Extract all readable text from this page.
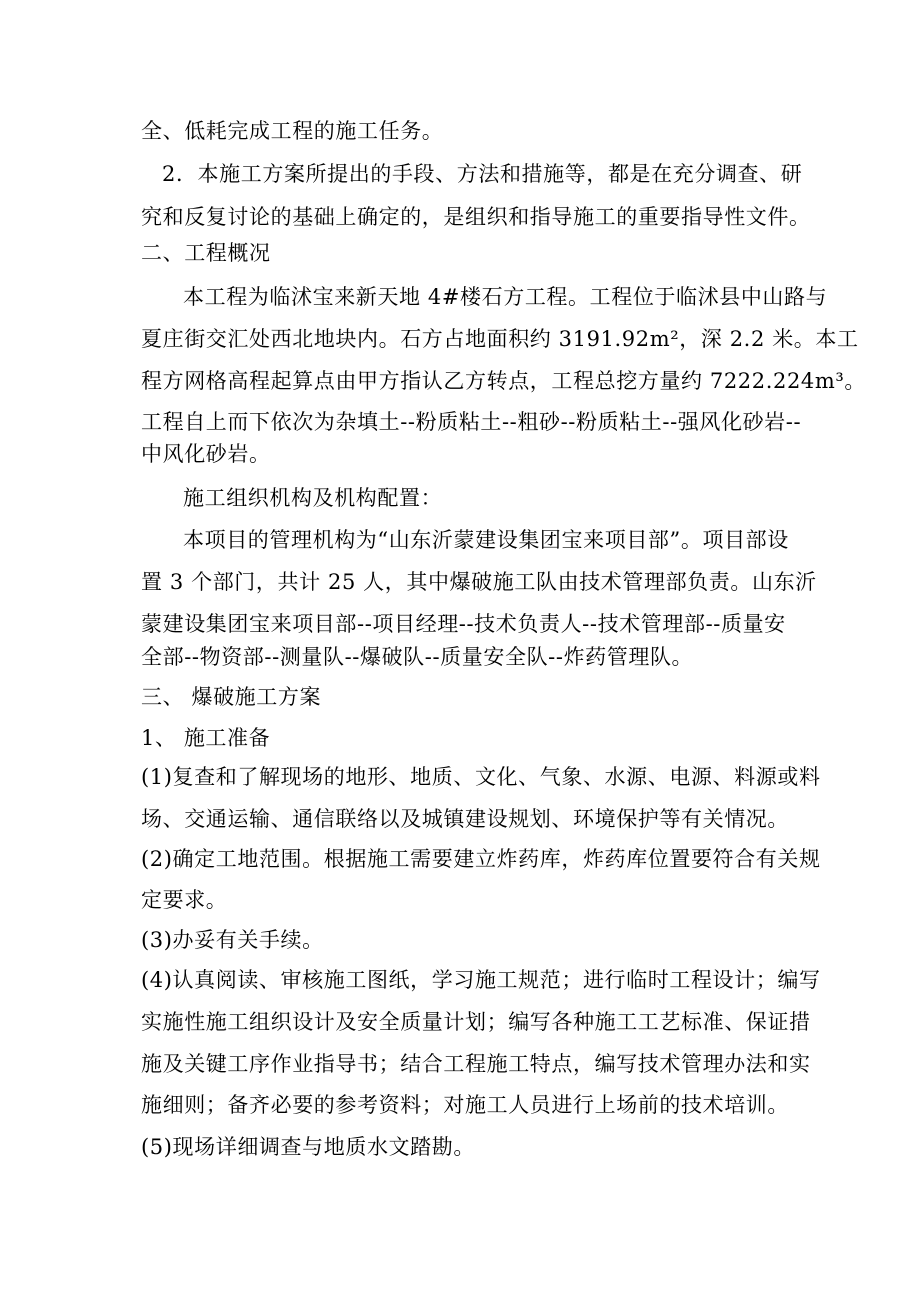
全、低耗完成工程的施工任务。
2．本施工方案所提出的手段、方法和措施等，都是在充分调查、研
究和反复讨论的基础上确定的，是组织和指导施工的重要指导性文件。
二、工程概况
本工程为临沭宝来新天地 4#楼石方工程。工程位于临沭县中山路与
夏庄街交汇处西北地块内。石方占地面积约 3191.92m²，深 2.2 米。本工
程方网格高程起算点由甲方指认乙方转点，工程总挖方量约 7222.224m³。
工程自上而下依次为杂填土--粉质粘土--粗砂--粉质粘土--强风化砂岩--
中风化砂岩。
施工组织机构及机构配置：
本项目的管理机构为“山东沂蒙建设集团宝来项目部”。项目部设
置 3 个部门，共计 25 人，其中爆破施工队由技术管理部负责。山东沂
蒙建设集团宝来项目部--项目经理--技术负责人--技术管理部--质量安
全部--物资部--测量队--爆破队--质量安全队--炸药管理队。
三、 爆破施工方案
1、 施工准备
(1)复查和了解现场的地形、地质、文化、气象、水源、电源、料源或料
场、交通运输、通信联络以及城镇建设规划、环境保护等有关情况。
(2)确定工地范围。根据施工需要建立炸药库，炸药库位置要符合有关规
定要求。
(3)办妥有关手续。
(4)认真阅读、审核施工图纸，学习施工规范；进行临时工程设计；编写
实施性施工组织设计及安全质量计划；编写各种施工工艺标准、保证措
施及关键工序作业指导书；结合工程施工特点，编写技术管理办法和实
施细则；备齐必要的参考资料；对施工人员进行上场前的技术培训。
(5)现场详细调查与地质水文踏勘。
